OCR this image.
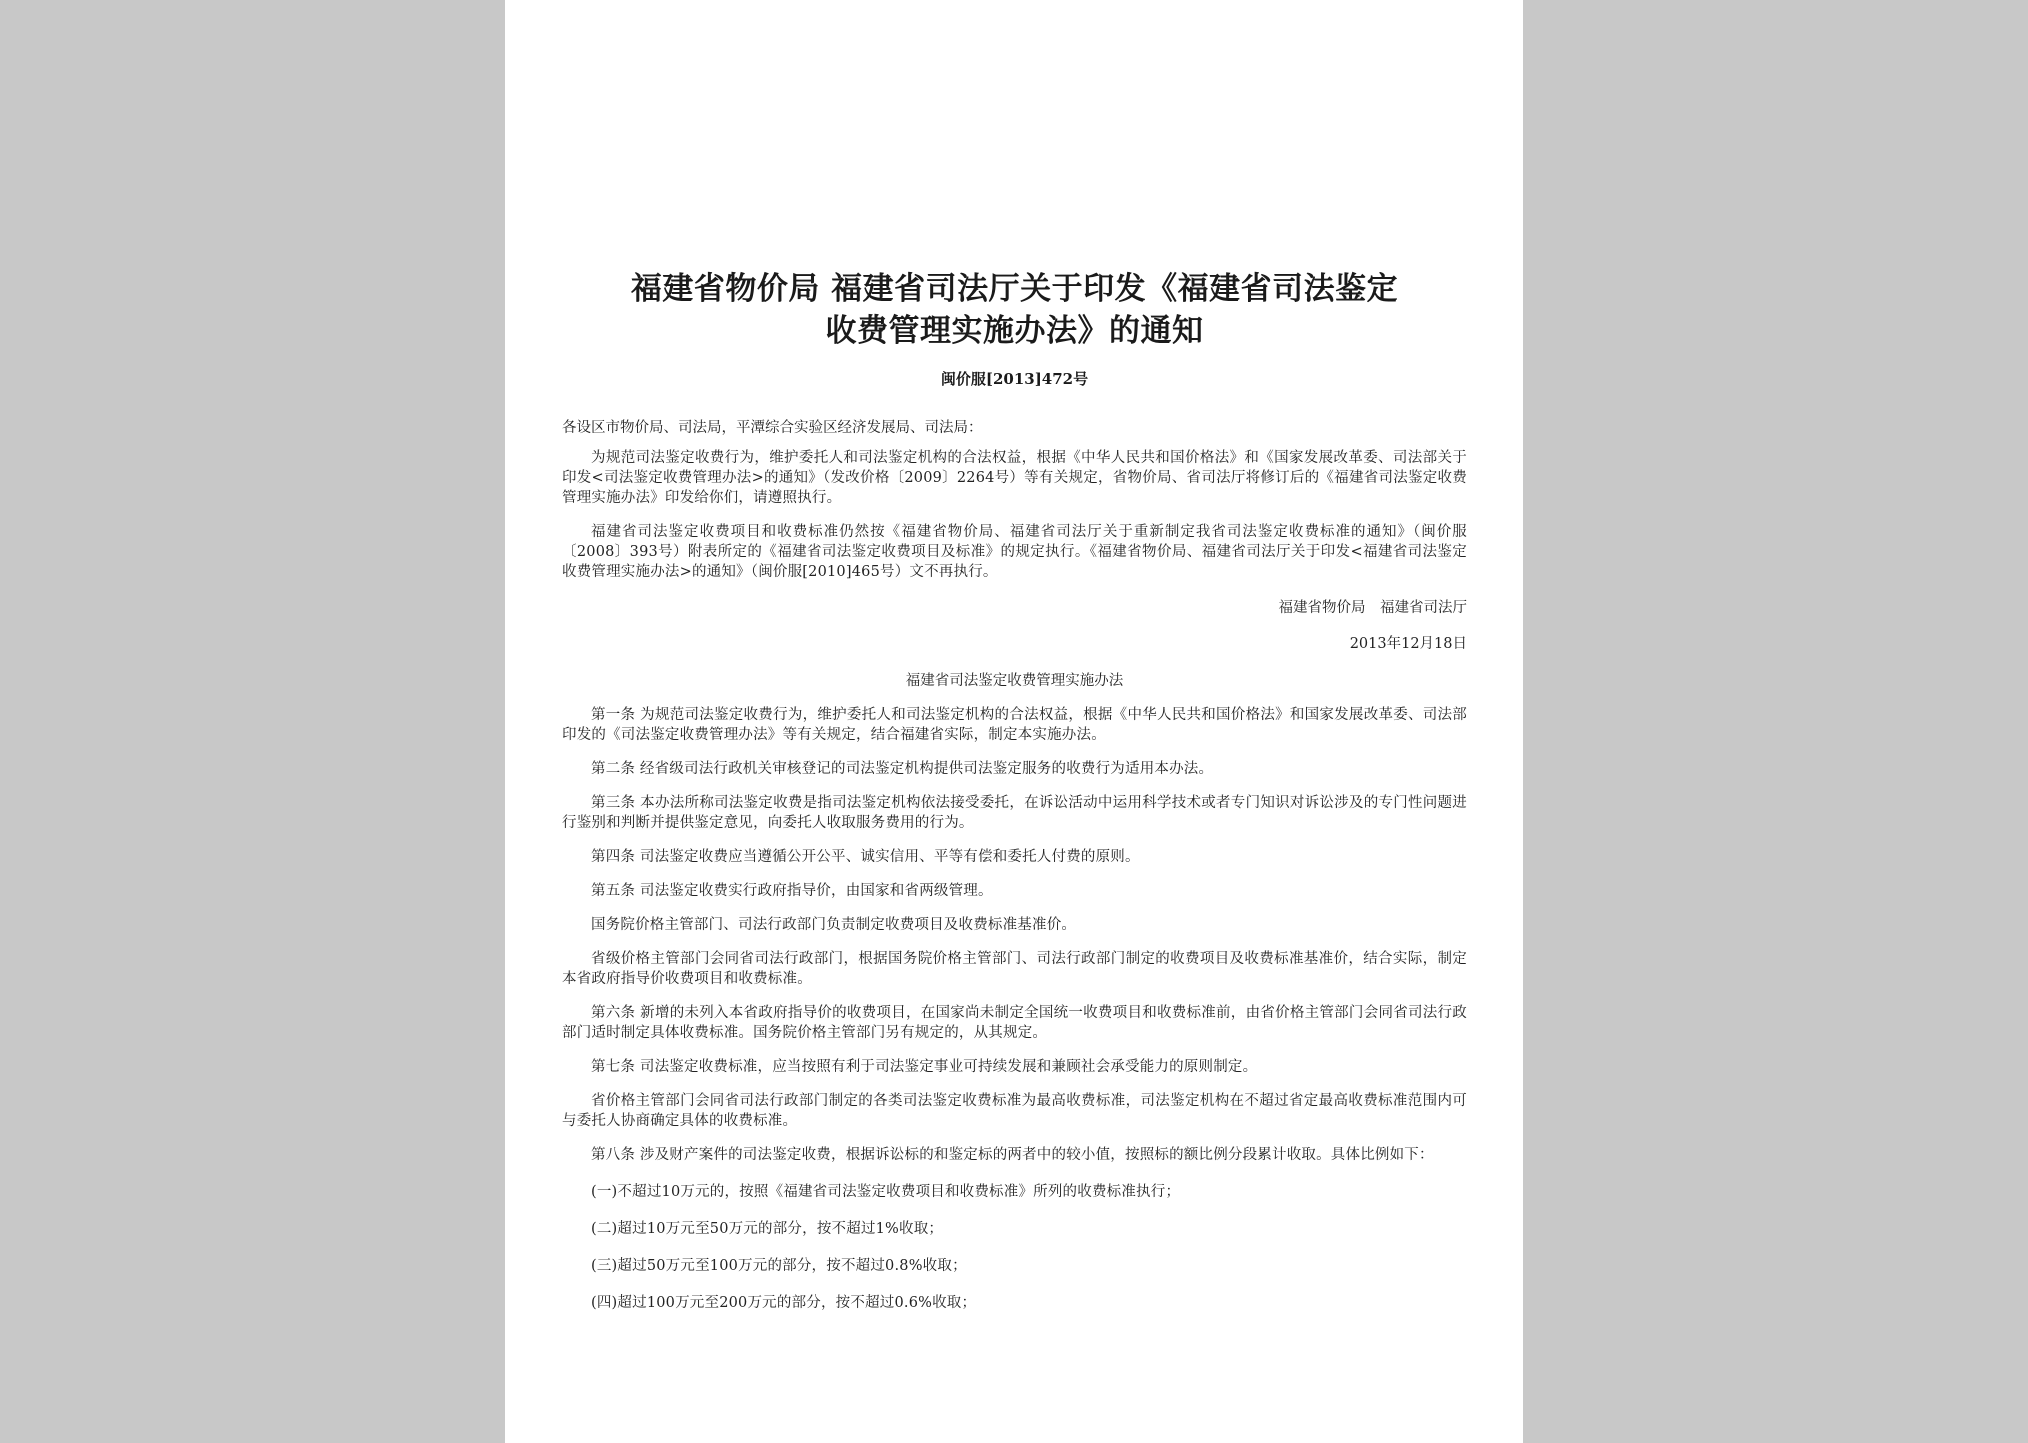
福建省物价局 福建省司法厅关于印发《福建省司法鉴定
收费管理实施办法》的通知
闽价服[2013]472号
各设区市物价局、司法局，平潭综合实验区经济发展局、司法局：

为规范司法鉴定收费行为，维护委托人和司法鉴定机构的合法权益，根据《中华人民共和国价格法》和《国家发展改革委、司法部关于印发<司法鉴定收费管理办法>的通知》（发改价格〔2009〕2264号）等有关规定，省物价局、省司法厅将修订后的《福建省司法鉴定收费管理实施办法》印发给你们，请遵照执行。

福建省司法鉴定收费项目和收费标准仍然按《福建省物价局、福建省司法厅关于重新制定我省司法鉴定收费标准的通知》（闽价服〔2008〕393号）附表所定的《福建省司法鉴定收费项目及标准》的规定执行。《福建省物价局、福建省司法厅关于印发<福建省司法鉴定收费管理实施办法>的通知》（闽价服[2010]465号）文不再执行。

福建省物价局　福建省司法厅
2013年12月18日
福建省司法鉴定收费管理实施办法

第一条 为规范司法鉴定收费行为，维护委托人和司法鉴定机构的合法权益，根据《中华人民共和国价格法》和国家发展改革委、司法部印发的《司法鉴定收费管理办法》等有关规定，结合福建省实际，制定本实施办法。

第二条 经省级司法行政机关审核登记的司法鉴定机构提供司法鉴定服务的收费行为适用本办法。

第三条 本办法所称司法鉴定收费是指司法鉴定机构依法接受委托，在诉讼活动中运用科学技术或者专门知识对诉讼涉及的专门性问题进行鉴别和判断并提供鉴定意见，向委托人收取服务费用的行为。

第四条 司法鉴定收费应当遵循公开公平、诚实信用、平等有偿和委托人付费的原则。

第五条 司法鉴定收费实行政府指导价，由国家和省两级管理。

国务院价格主管部门、司法行政部门负责制定收费项目及收费标准基准价。

省级价格主管部门会同省司法行政部门，根据国务院价格主管部门、司法行政部门制定的收费项目及收费标准基准价，结合实际，制定本省政府指导价收费项目和收费标准。

第六条 新增的未列入本省政府指导价的收费项目，在国家尚未制定全国统一收费项目和收费标准前，由省价格主管部门会同省司法行政部门适时制定具体收费标准。国务院价格主管部门另有规定的，从其规定。

第七条 司法鉴定收费标准，应当按照有利于司法鉴定事业可持续发展和兼顾社会承受能力的原则制定。

省价格主管部门会同省司法行政部门制定的各类司法鉴定收费标准为最高收费标准，司法鉴定机构在不超过省定最高收费标准范围内可与委托人协商确定具体的收费标准。

第八条 涉及财产案件的司法鉴定收费，根据诉讼标的和鉴定标的两者中的较小值，按照标的额比例分段累计收取。具体比例如下：

(一)不超过10万元的，按照《福建省司法鉴定收费项目和收费标准》所列的收费标准执行；

(二)超过10万元至50万元的部分，按不超过1%收取；

(三)超过50万元至100万元的部分，按不超过0.8%收取；

(四)超过100万元至200万元的部分，按不超过0.6%收取；
